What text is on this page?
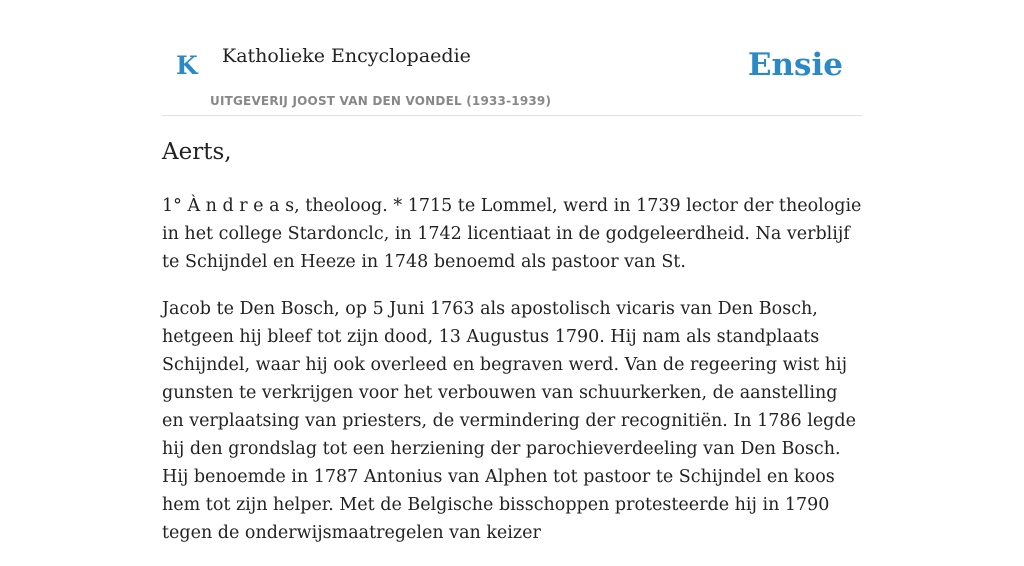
K Katholieke Encyclopaedie
UITGEVERIJ JOOST VAN DEN VONDEL (1933-1939)
Ensie
Aerts,

1° À n d r e a s, theoloog. * 1715 te Lommel, werd in 1739 lector der theologie in het college Stardonclc, in 1742 licentiaat in de godgeleerdheid. Na verblijf te Schijndel en Heeze in 1748 benoemd als pastoor van St.

Jacob te Den Bosch, op 5 Juni 1763 als apostolisch vicaris van Den Bosch, hetgeen hij bleef tot zijn dood, 13 Augustus 1790. Hij nam als standplaats Schijndel, waar hij ook overleed en begraven werd. Van de regeering wist hij gunsten te verkrijgen voor het verbouwen van schuurkerken, de aanstelling en verplaatsing van priesters, de vermindering der recognitiën. In 1786 legde hij den grondslag tot een herziening der parochieverdeeling van Den Bosch. Hij benoemde in 1787 Antonius van Alphen tot pastoor te Schijndel en koos hem tot zijn helper. Met de Belgische bisschoppen protesteerde hij in 1790 tegen de onderwijsmaatregelen van keizer
